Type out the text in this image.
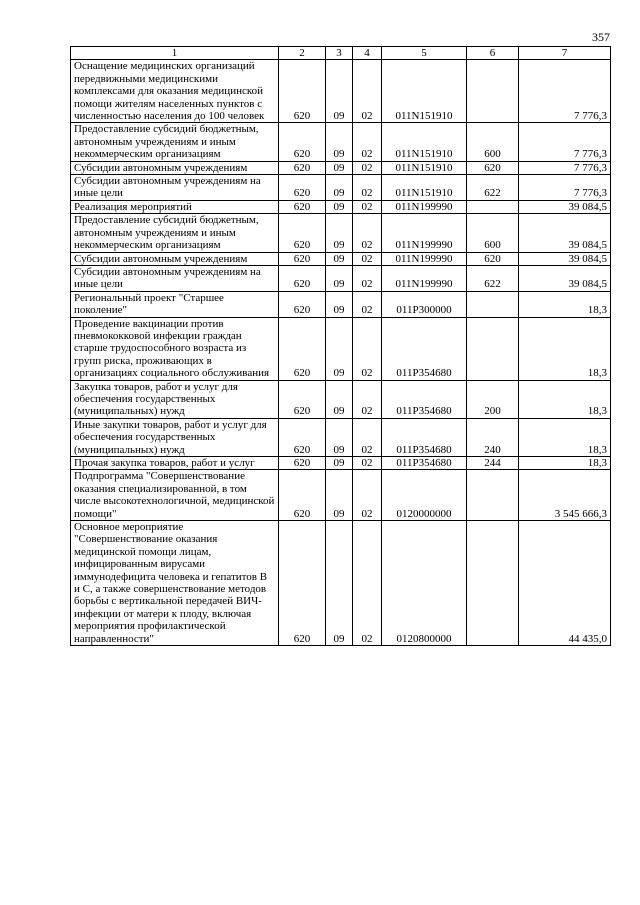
357
1	2	3	4	5	6	7
Оснащение медицинских организаций передвижными медицинскими комплексами для оказания медицинской помощи жителям населенных пунктов с численностью населения до 100 человек	620	09	02	011N151910		7 776,3
Предоставление субсидий бюджетным, автономным учреждениям и иным некоммерческим организациям	620	09	02	011N151910	600	7 776,3
Субсидии автономным учреждениям	620	09	02	011N151910	620	7 776,3
Субсидии автономным учреждениям на иные цели	620	09	02	011N151910	622	7 776,3
Реализация мероприятий	620	09	02	011N199990		39 084,5
Предоставление субсидий бюджетным, автономным учреждениям и иным некоммерческим организациям	620	09	02	011N199990	600	39 084,5
Субсидии автономным учреждениям	620	09	02	011N199990	620	39 084,5
Субсидии автономным учреждениям на иные цели	620	09	02	011N199990	622	39 084,5
Региональный проект "Старшее поколение"	620	09	02	011P300000		18,3
Проведение вакцинации против пневмококковой инфекции граждан старше трудоспособного возраста из групп риска, проживающих в организациях социального обслуживания	620	09	02	011P354680		18,3
Закупка товаров, работ и услуг для обеспечения государственных (муниципальных) нужд	620	09	02	011P354680	200	18,3
Иные закупки товаров, работ и услуг для обеспечения государственных (муниципальных) нужд	620	09	02	011P354680	240	18,3
Прочая закупка товаров, работ и услуг	620	09	02	011P354680	244	18,3
Подпрограмма "Совершенствование оказания специализированной, в том числе высокотехнологичной, медицинской помощи"	620	09	02	0120000000		3 545 666,3
Основное мероприятие "Совершенствование оказания медицинской помощи лицам, инфицированным вирусами иммунодефицита человека и гепатитов В и С, а также совершенствование методов борьбы с вертикальной передачей ВИЧ-инфекции от матери к плоду, включая мероприятия профилактической направленности"	620	09	02	0120800000		44 435,0
